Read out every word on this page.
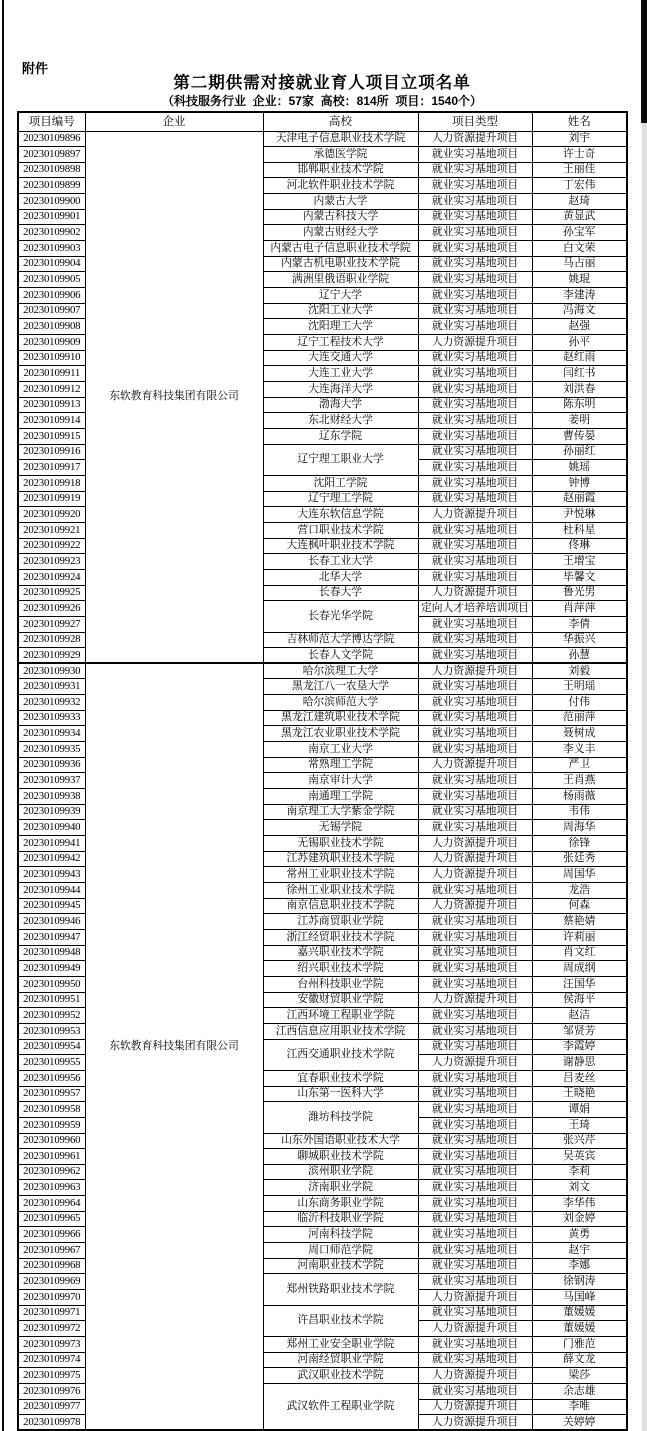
附件
第二期供需对接就业育人项目立项名单
（科技服务行业  企业：57家  高校：814所  项目：1540个）
项目编号	企业	高校	项目类型	姓名
20230109896	东软教育科技集团有限公司	天津电子信息职业技术学院	人力资源提升项目	刘宇
20230109897		承德医学院	就业实习基地项目	许士奇
20230109898		邯郸职业技术学院	就业实习基地项目	王丽佳
20230109899		河北软件职业技术学院	就业实习基地项目	丁宏伟
20230109900		内蒙古大学	就业实习基地项目	赵琦
20230109901		内蒙古科技大学	就业实习基地项目	黄显武
20230109902		内蒙古财经大学	就业实习基地项目	孙宝军
20230109903		内蒙古电子信息职业技术学院	就业实习基地项目	白文荣
20230109904		内蒙古机电职业技术学院	就业实习基地项目	马占丽
20230109905		满洲里俄语职业学院	就业实习基地项目	姚琨
20230109906		辽宁大学	就业实习基地项目	李建涛
20230109907		沈阳工业大学	就业实习基地项目	冯海文
20230109908		沈阳理工大学	就业实习基地项目	赵强
20230109909		辽宁工程技术大学	人力资源提升项目	孙平
20230109910		大连交通大学	就业实习基地项目	赵红雨
20230109911		大连工业大学	就业实习基地项目	闫红书
20230109912		大连海洋大学	就业实习基地项目	刘洪春
20230109913		渤海大学	就业实习基地项目	陈东明
20230109914		东北财经大学	就业实习基地项目	姜明
20230109915		辽东学院	就业实习基地项目	曹传晏
20230109916		辽宁理工职业大学	就业实习基地项目	孙丽红
20230109917			就业实习基地项目	姚瑶
20230109918		沈阳工学院	就业实习基地项目	钟博
20230109919		辽宁理工学院	就业实习基地项目	赵丽霞
20230109920		大连东软信息学院	人力资源提升项目	尹悦琳
20230109921		营口职业技术学院	就业实习基地项目	杜科星
20230109922		大连枫叶职业技术学院	就业实习基地项目	佟琳
20230109923		长春工业大学	就业实习基地项目	王增宝
20230109924		北华大学	就业实习基地项目	毕馨文
20230109925		长春大学	人力资源提升项目	鲁光男
20230109926		长春光华学院	定向人才培养培训项目	肖萍萍
20230109927			就业实习基地项目	李倩
20230109928		吉林师范大学博达学院	就业实习基地项目	华振兴
20230109929		长春人文学院	就业实习基地项目	孙慧
20230109930	东软教育科技集团有限公司	哈尔滨理工大学	人力资源提升项目	刘毅
20230109931		黑龙江八一农垦大学	就业实习基地项目	王明瑶
20230109932		哈尔滨师范大学	就业实习基地项目	付伟
20230109933		黑龙江建筑职业技术学院	就业实习基地项目	范丽萍
20230109934		黑龙江农业职业技术学院	就业实习基地项目	聂树成
20230109935		南京工业大学	就业实习基地项目	李义丰
20230109936		常熟理工学院	人力资源提升项目	严卫
20230109937		南京审计大学	就业实习基地项目	王肖燕
20230109938		南通理工学院	就业实习基地项目	杨雨薇
20230109939		南京理工大学紫金学院	就业实习基地项目	韦伟
20230109940		无锡学院	就业实习基地项目	周海华
20230109941		无锡职业技术学院	人力资源提升项目	徐锋
20230109942		江苏建筑职业技术学院	人力资源提升项目	张廷秀
20230109943		常州工业职业技术学院	人力资源提升项目	周国华
20230109944		徐州工业职业技术学院	就业实习基地项目	龙浩
20230109945		南京信息职业技术学院	人力资源提升项目	何森
20230109946		江苏商贸职业学院	就业实习基地项目	蔡艳婧
20230109947		浙江经贸职业技术学院	就业实习基地项目	许莉丽
20230109948		嘉兴职业技术学院	就业实习基地项目	肖文红
20230109949		绍兴职业技术学院	就业实习基地项目	周成纲
20230109950		台州科技职业学院	就业实习基地项目	汪国华
20230109951		安徽财贸职业学院	人力资源提升项目	侯海平
20230109952		江西环境工程职业学院	就业实习基地项目	赵洁
20230109953		江西信息应用职业技术学院	就业实习基地项目	邹贤芳
20230109954		江西交通职业技术学院	就业实习基地项目	李霞婷
20230109955			人力资源提升项目	谢静思
20230109956		宜春职业技术学院	就业实习基地项目	吕麦丝
20230109957		山东第一医科大学	就业实习基地项目	王晓艳
20230109958		潍坊科技学院	就业实习基地项目	谭娟
20230109959			就业实习基地项目	王琦
20230109960		山东外国语职业技术大学	就业实习基地项目	张兴芹
20230109961		聊城职业技术学院	就业实习基地项目	吴英宾
20230109962		滨州职业学院	就业实习基地项目	李莉
20230109963		济南职业学院	就业实习基地项目	刘文
20230109964		山东商务职业学院	就业实习基地项目	李华伟
20230109965		临沂科技职业学院	就业实习基地项目	刘金婷
20230109966		河南科技学院	就业实习基地项目	黄勇
20230109967		周口师范学院	就业实习基地项目	赵宇
20230109968		河南职业技术学院	就业实习基地项目	李娜
20230109969		郑州铁路职业技术学院	就业实习基地项目	徐钢涛
20230109970			人力资源提升项目	马国峰
20230109971		许昌职业技术学院	就业实习基地项目	董媛媛
20230109972			人力资源提升项目	董媛媛
20230109973		郑州工业安全职业学院	就业实习基地项目	门雅范
20230109974		河南经贸职业学院	就业实习基地项目	薛文龙
20230109975		武汉职业技术学院	人力资源提升项目	梁莎
20230109976		武汉软件工程职业学院	就业实习基地项目	余志雄
20230109977			人力资源提升项目	李唯
20230109978			人力资源提升项目	关婷婷
